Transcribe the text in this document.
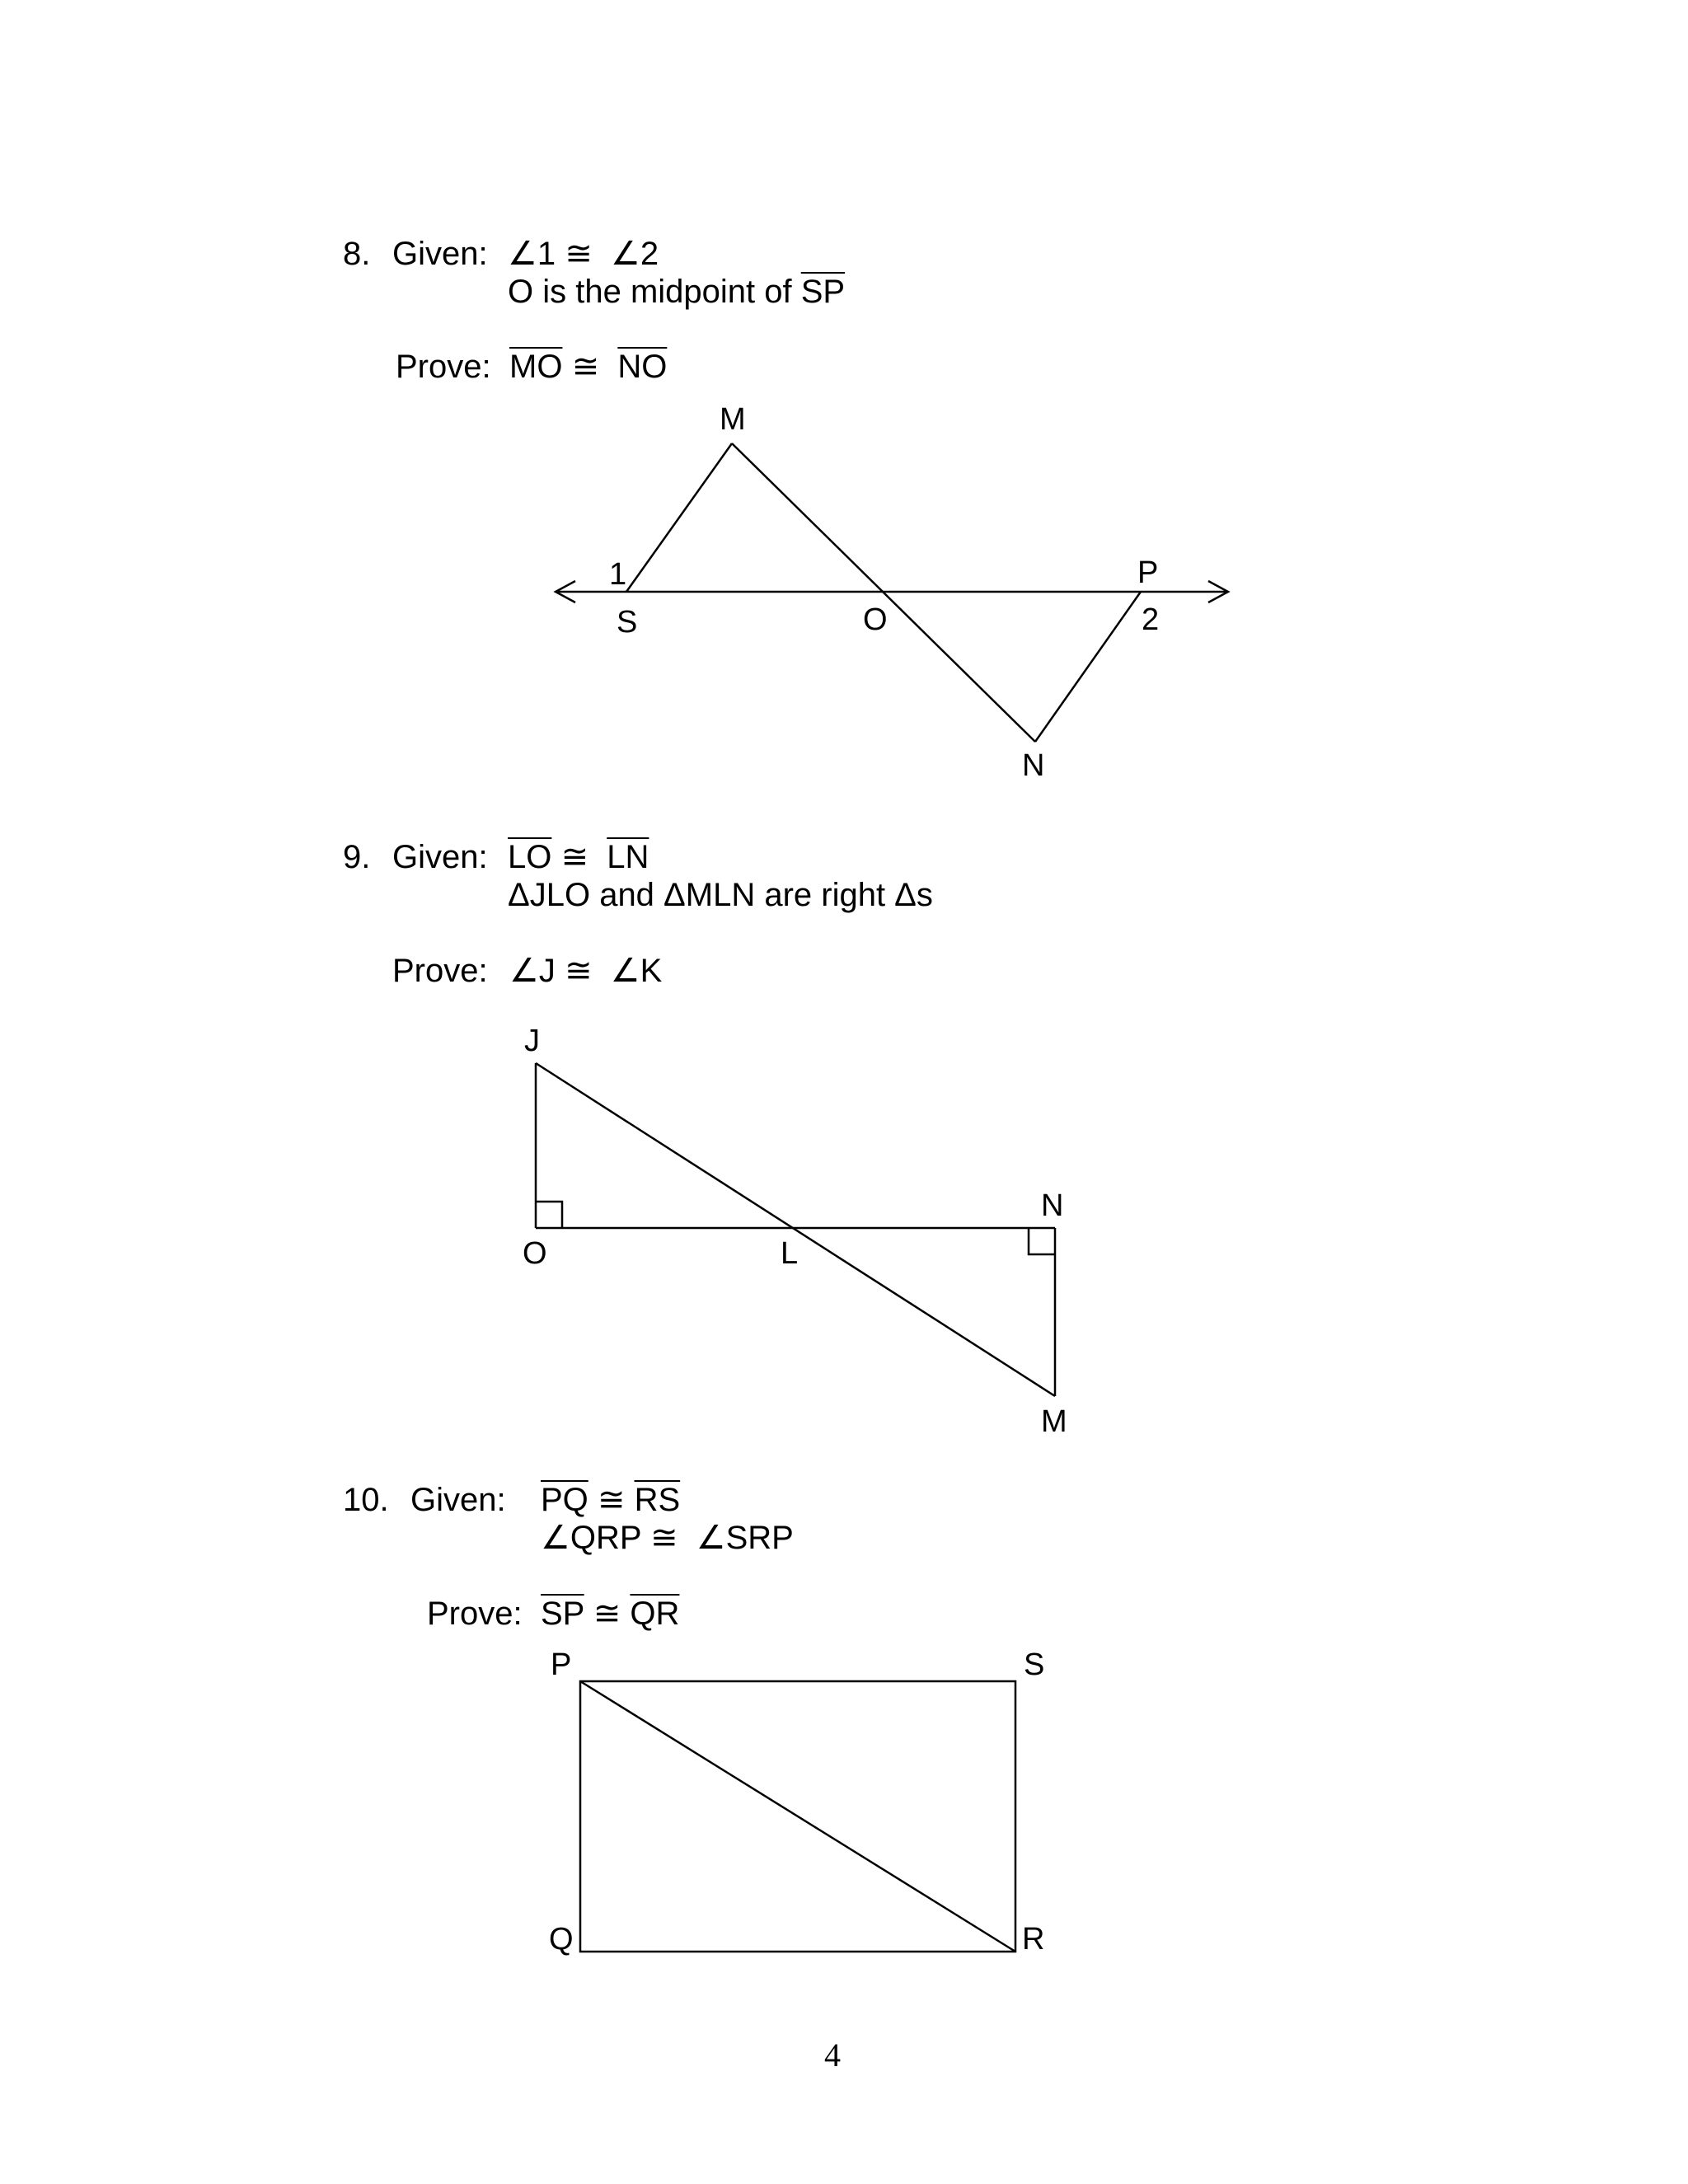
8. Given: ∠1 ≅ ∠2
O is the midpoint of $\overline{SP}$
Prove: $\overline{MO}$ ≅ $\overline{NO}$
9. Given: $\overline{LO}$ ≅ $\overline{LN}$
ΔJLO and ΔMLN are right Δs
Prove: ∠J ≅ ∠K
10. Given: $\overline{PQ}$ ≅ $\overline{RS}$
∠QRP ≅ ∠SRP
Prove: $\overline{SP}$ ≅ $\overline{QR}$
M
1
S	O
P
2
N
J
O	L
N
M
P	S
Q	R
4
